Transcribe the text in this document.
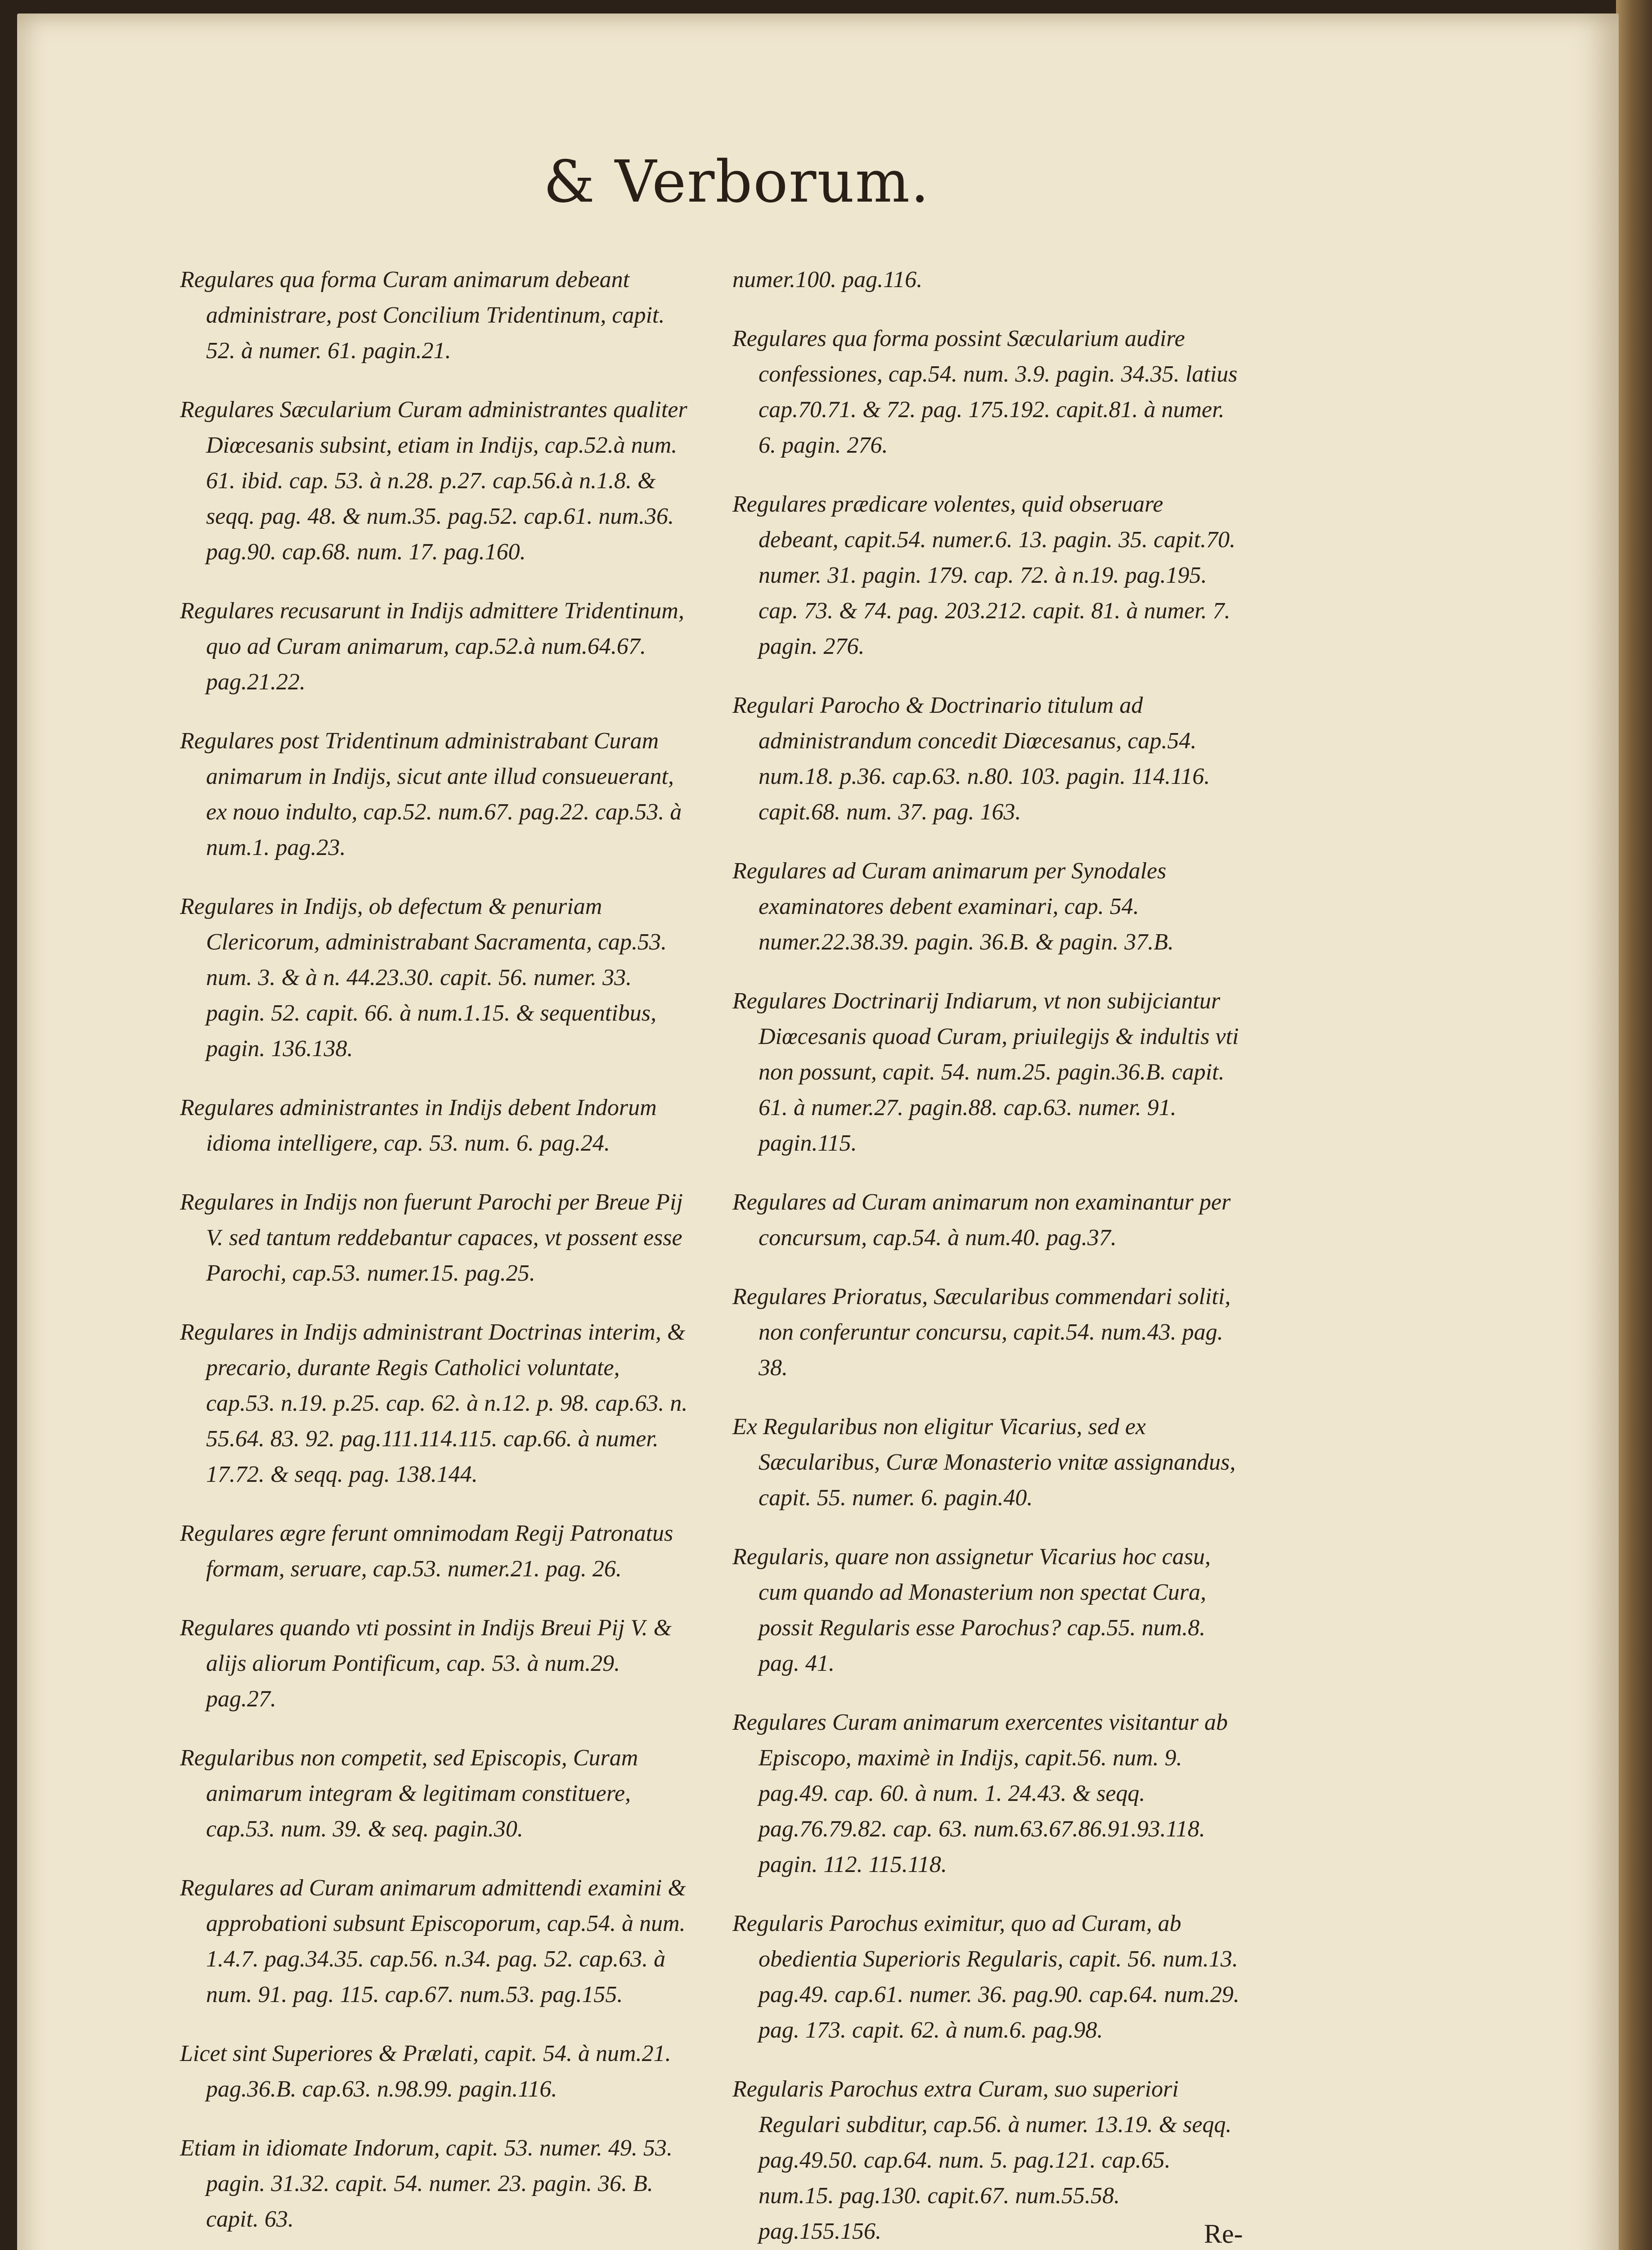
& Verborum.

Regulares qua forma Curam animarum debeant administrare, post Concilium Tridentinum, capit. 52. à numer. 61. pagin.21.

Regulares Sæcularium Curam administrantes qualiter Diœcesanis subsint, etiam in Indijs, cap.52.à num. 61. ibid. cap. 53. à n.28. p.27. cap.56.à n.1.8. & seqq. pag. 48. & num.35. pag.52. cap.61. num.36. pag.90. cap.68. num. 17. pag.160.

Regulares recusarunt in Indijs admittere Tridentinum, quo ad Curam animarum, cap.52.à num.64.67. pag.21.22.

Regulares post Tridentinum administrabant Curam animarum in Indijs, sicut ante illud consueuerant, ex nouo indulto, cap.52. num.67. pag.22. cap.53. à num.1. pag.23.

Regulares in Indijs, ob defectum & penuriam Clericorum, administrabant Sacramenta, cap.53. num. 3. & à n. 44.23.30. capit. 56. numer. 33. pagin. 52. capit. 66. à num.1.15. & sequentibus, pagin. 136.138.

Regulares administrantes in Indijs debent Indorum idioma intelligere, cap. 53. num. 6. pag.24.

Regulares in Indijs non fuerunt Parochi per Breue Pij V. sed tantum reddebantur capaces, vt possent esse Parochi, cap.53. numer.15. pag.25.

Regulares in Indijs administrant Doctrinas interim, & precario, durante Regis Catholici voluntate, cap.53. n.19. p.25. cap. 62. à n.12. p. 98. cap.63. n. 55.64. 83. 92. pag.111.114.115. cap.66. à numer. 17.72. & seqq. pag. 138.144.

Regulares ægre ferunt omnimodam Regij Patronatus formam, seruare, cap.53. numer.21. pag. 26.

Regulares quando vti possint in Indijs Breui Pij V. & alijs aliorum Pontificum, cap. 53. à num.29. pag.27.

Regularibus non competit, sed Episcopis, Curam animarum integram & legitimam constituere, cap.53. num. 39. & seq. pagin.30.

Regulares ad Curam animarum admittendi examini & approbationi subsunt Episcoporum, cap.54. à num. 1.4.7. pag.34.35. cap.56. n.34. pag. 52. cap.63. à num. 91. pag. 115. cap.67. num.53. pag.155.

Licet sint Superiores & Prælati, capit. 54. à num.21. pag.36.B. cap.63. n.98.99. pagin.116.

Etiam in idiomate Indorum, capit. 53. numer. 49. 53. pagin. 31.32. capit. 54. numer. 23. pagin. 36. B. capit. 63.

numer.100. pag.116.

Regulares qua forma possint Sæcularium audire confessiones, cap.54. num. 3.9. pagin. 34.35. latius cap.70.71. & 72. pag. 175.192. capit.81. à numer. 6. pagin. 276.

Regulares prædicare volentes, quid obseruare debeant, capit.54. numer.6. 13. pagin. 35. capit.70. numer. 31. pagin. 179. cap. 72. à n.19. pag.195. cap. 73. & 74. pag. 203.212. capit. 81. à numer. 7. pagin. 276.

Regulari Parocho & Doctrinario titulum ad administrandum concedit Diœcesanus, cap.54. num.18. p.36. cap.63. n.80. 103. pagin. 114.116. capit.68. num. 37. pag. 163.

Regulares ad Curam animarum per Synodales examinatores debent examinari, cap. 54. numer.22.38.39. pagin. 36.B. & pagin. 37.B.

Regulares Doctrinarij Indiarum, vt non subijciantur Diœcesanis quoad Curam, priuilegijs & indultis vti non possunt, capit. 54. num.25. pagin.36.B. capit. 61. à numer.27. pagin.88. cap.63. numer. 91. pagin.115.

Regulares ad Curam animarum non examinantur per concursum, cap.54. à num.40. pag.37.

Regulares Prioratus, Sæcularibus commendari soliti, non conferuntur concursu, capit.54. num.43. pag. 38.

Ex Regularibus non eligitur Vicarius, sed ex Sæcularibus, Curæ Monasterio vnitæ assignandus, capit. 55. numer. 6. pagin.40.

Regularis, quare non assignetur Vicarius hoc casu, cum quando ad Monasterium non spectat Cura, possit Regularis esse Parochus? cap.55. num.8. pag. 41.

Regulares Curam animarum exercentes visitantur ab Episcopo, maximè in Indijs, capit.56. num. 9. pag.49. cap. 60. à num. 1. 24.43. & seqq. pag.76.79.82. cap. 63. num.63.67.86.91.93.118. pagin. 112. 115.118.

Regularis Parochus eximitur, quo ad Curam, ab obedientia Superioris Regularis, capit. 56. num.13. pag.49. cap.61. numer. 36. pag.90. cap.64. num.29. pag. 173. capit. 62. à num.6. pag.98.

Regularis Parochus extra Curam, suo superiori Regulari subditur, cap.56. à numer. 13.19. & seqq. pag.49.50. cap.64. num. 5. pag.121. cap.65. num.15. pag.130. capit.67. num.55.58. pag.155.156.	Re-
